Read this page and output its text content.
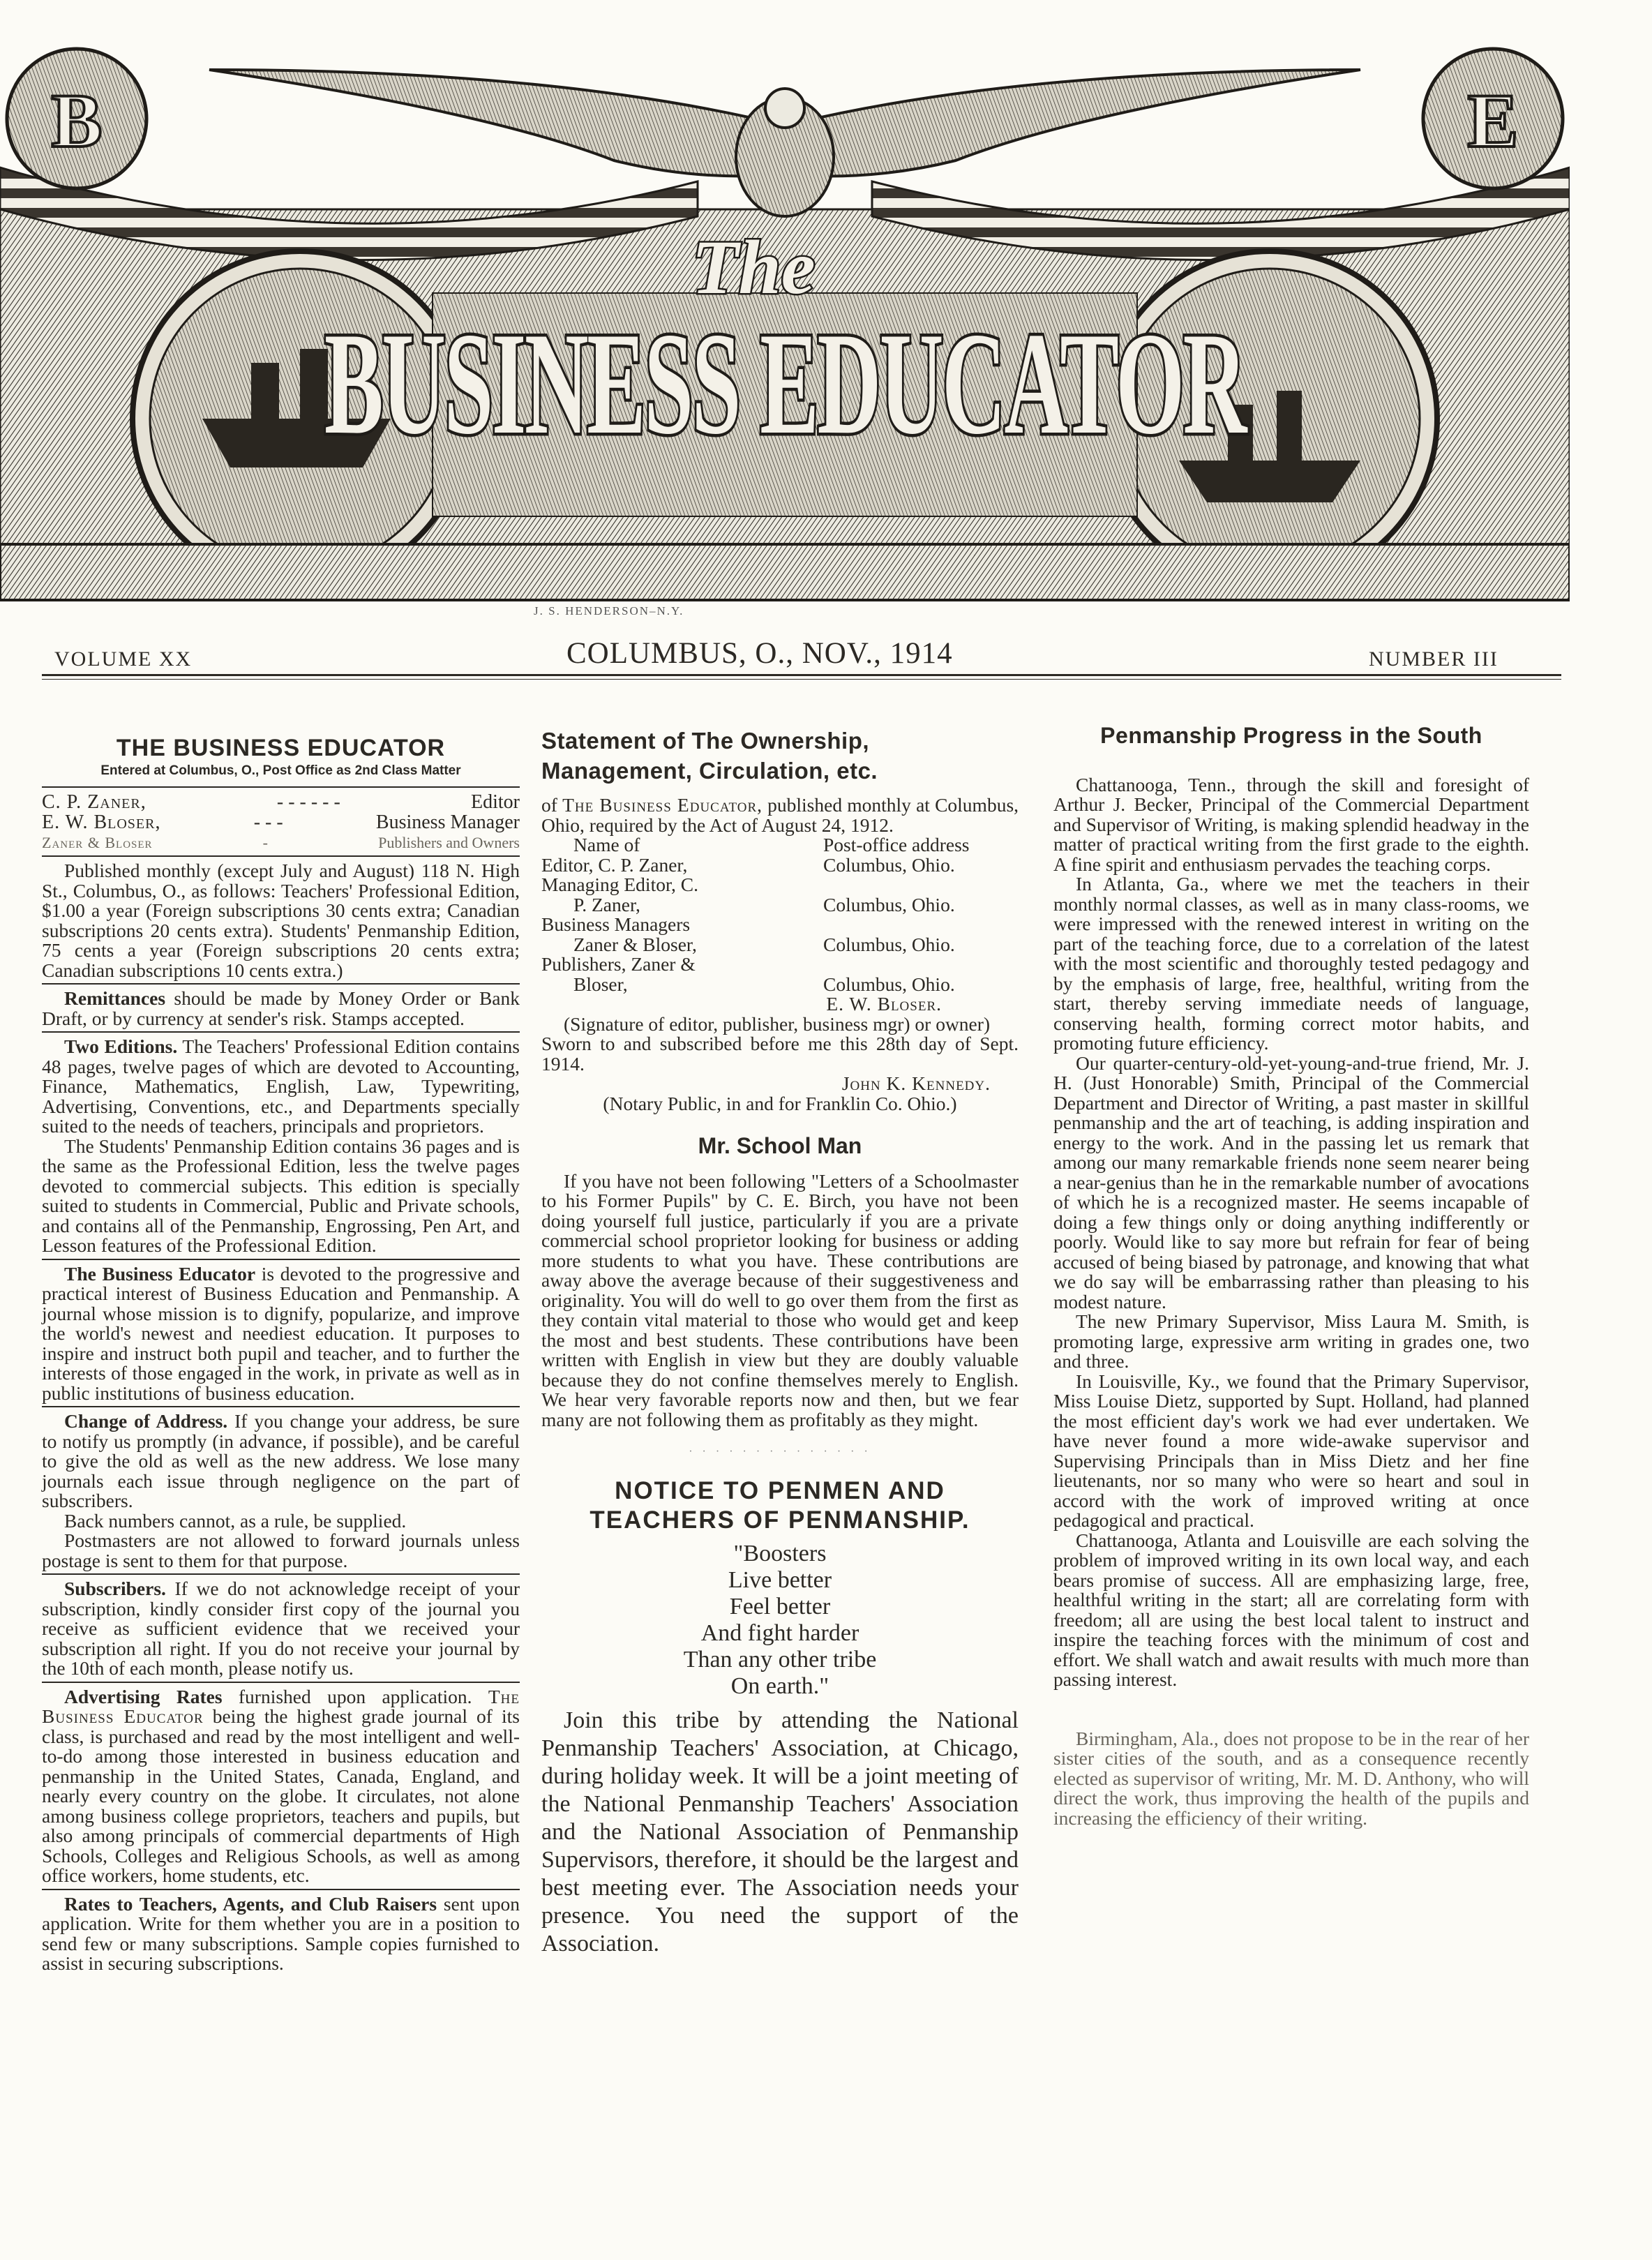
B	E
The
BUSINESS EDUCATOR
J. S. HENDERSON–N.Y.
VOLUME XX	COLUMBUS, O., NOV., 1914	NUMBER III
THE BUSINESS EDUCATOR
Entered at Columbus, O., Post Office as 2nd Class Matter
C. P. Zaner,	- - - - - -	Editor
E. W. Bloser,	- - -	Business Manager
Zaner & Bloser	-	Publishers and Owners

Published monthly (except July and August) 118 N. High St., Columbus, O., as follows: Teachers' Professional Edition, $1.00 a year (Foreign subscriptions 30 cents extra; Canadian subscriptions 20 cents extra). Students' Penmanship Edition, 75 cents a year (Foreign subscriptions 20 cents extra; Canadian subscriptions 10 cents extra.)

Remittances should be made by Money Order or Bank Draft, or by currency at sender's risk. Stamps accepted.

Two Editions. The Teachers' Professional Edition contains 48 pages, twelve pages of which are devoted to Accounting, Finance, Mathematics, English, Law, Typewriting, Advertising, Conventions, etc., and Departments specially suited to the needs of teachers, principals and proprietors.

The Students' Penmanship Edition contains 36 pages and is the same as the Professional Edition, less the twelve pages devoted to commercial subjects. This edition is specially suited to students in Commercial, Public and Private schools, and contains all of the Penmanship, Engrossing, Pen Art, and Lesson features of the Professional Edition.

The Business Educator is devoted to the progressive and practical interest of Business Education and Penmanship. A journal whose mission is to dignify, popularize, and improve the world's newest and neediest education. It purposes to inspire and instruct both pupil and teacher, and to further the interests of those engaged in the work, in private as well as in public institutions of business education.

Change of Address. If you change your address, be sure to notify us promptly (in advance, if possible), and be careful to give the old as well as the new address. We lose many journals each issue through negligence on the part of subscribers.

Back numbers cannot, as a rule, be supplied.

Postmasters are not allowed to forward journals unless postage is sent to them for that purpose.

Subscribers. If we do not acknowledge receipt of your subscription, kindly consider first copy of the journal you receive as sufficient evidence that we received your subscription all right. If you do not receive your journal by the 10th of each month, please notify us.

Advertising Rates furnished upon application. The Business Educator being the highest grade journal of its class, is purchased and read by the most intelligent and well-to-do among those interested in business education and penmanship in the United States, Canada, England, and nearly every country on the globe. It circulates, not alone among business college proprietors, teachers and pupils, but also among principals of commercial departments of High Schools, Colleges and Religious Schools, as well as among office workers, home students, etc.

Rates to Teachers, Agents, and Club Raisers sent upon application. Write for them whether you are in a position to send few or many subscriptions. Sample copies furnished to assist in securing subscriptions.

Statement of The Ownership, Management, Circulation, etc.

of The Business Educator, published monthly at Columbus, Ohio, required by the Act of August 24, 1912.

Name of	Post-office address
Editor, C. P. Zaner,	Columbus, Ohio.
Managing Editor, C.
P. Zaner,	Columbus, Ohio.
Business Managers
Zaner & Bloser,	Columbus, Ohio.
Publishers, Zaner &
Bloser,	Columbus, Ohio.

E. W. Bloser.

(Signature of editor, publisher, business mgr) or owner)

Sworn to and subscribed before me this 28th day of Sept. 1914.

John K. Kennedy.

(Notary Public, in and for Franklin Co. Ohio.)

Mr. School Man

If you have not been following "Letters of a Schoolmaster to his Former Pupils" by C. E. Birch, you have not been doing yourself full justice, particularly if you are a private commercial school proprietor looking for business or adding more students to what you have. These contributions are away above the average because of their suggestiveness and originality. You will do well to go over them from the first as they contain vital material to those who would get and keep the most and best students. These contributions have been written with English in view but they are doubly valuable because they do not confine themselves merely to English. We hear very favorable reports now and then, but we fear many are not following them as profitably as they might.

· · · · · · · · · · · · · ·
NOTICE TO PENMEN AND TEACHERS OF PENMANSHIP.
"Boosters
Live better
Feel better
And fight harder
Than any other tribe
On earth."

Join this tribe by attending the National Penmanship Teachers' Association, at Chicago, during holiday week. It will be a joint meeting of the National Penmanship Teachers' Association and the National Association of Penmanship Supervisors, therefore, it should be the largest and best meeting ever. The Association needs your presence. You need the support of the Association.

Penmanship Progress in the South

Chattanooga, Tenn., through the skill and foresight of Arthur J. Becker, Principal of the Commercial Department and Supervisor of Writing, is making splendid headway in the matter of practical writing from the first grade to the eighth. A fine spirit and enthusiasm pervades the teaching corps.

In Atlanta, Ga., where we met the teachers in their monthly normal classes, as well as in many class-rooms, we were impressed with the renewed interest in writing on the part of the teaching force, due to a correlation of the latest with the most scientific and thoroughly tested pedagogy and by the emphasis of large, free, healthful, writing from the start, thereby serving immediate needs of language, conserving health, forming correct motor habits, and promoting future efficiency.

Our quarter-century-old-yet-young-and-true friend, Mr. J. H. (Just Honorable) Smith, Principal of the Commercial Department and Director of Writing, a past master in skillful penmanship and the art of teaching, is adding inspiration and energy to the work. And in the passing let us remark that among our many remarkable friends none seem nearer being a near-genius than he in the remarkable number of avocations of which he is a recognized master. He seems incapable of doing a few things only or doing anything indifferently or poorly. Would like to say more but refrain for fear of being accused of being biased by patronage, and knowing that what we do say will be embarrassing rather than pleasing to his modest nature.

The new Primary Supervisor, Miss Laura M. Smith, is promoting large, expressive arm writing in grades one, two and three.

In Louisville, Ky., we found that the Primary Supervisor, Miss Louise Dietz, supported by Supt. Holland, had planned the most efficient day's work we had ever undertaken. We have never found a more wide-awake supervisor and Supervising Principals than in Miss Dietz and her fine lieutenants, nor so many who were so heart and soul in accord with the work of improved writing at once pedagogical and practical.

Chattanooga, Atlanta and Louisville are each solving the problem of improved writing in its own local way, and each bears promise of success. All are emphasizing large, free, healthful writing in the start; all are correlating form with freedom; all are using the best local talent to instruct and inspire the teaching forces with the minimum of cost and effort. We shall watch and await results with much more than passing interest.

Birmingham, Ala., does not propose to be in the rear of her sister cities of the south, and as a consequence recently elected as supervisor of writing, Mr. M. D. Anthony, who will direct the work, thus improving the health of the pupils and increasing the efficiency of their writing.
